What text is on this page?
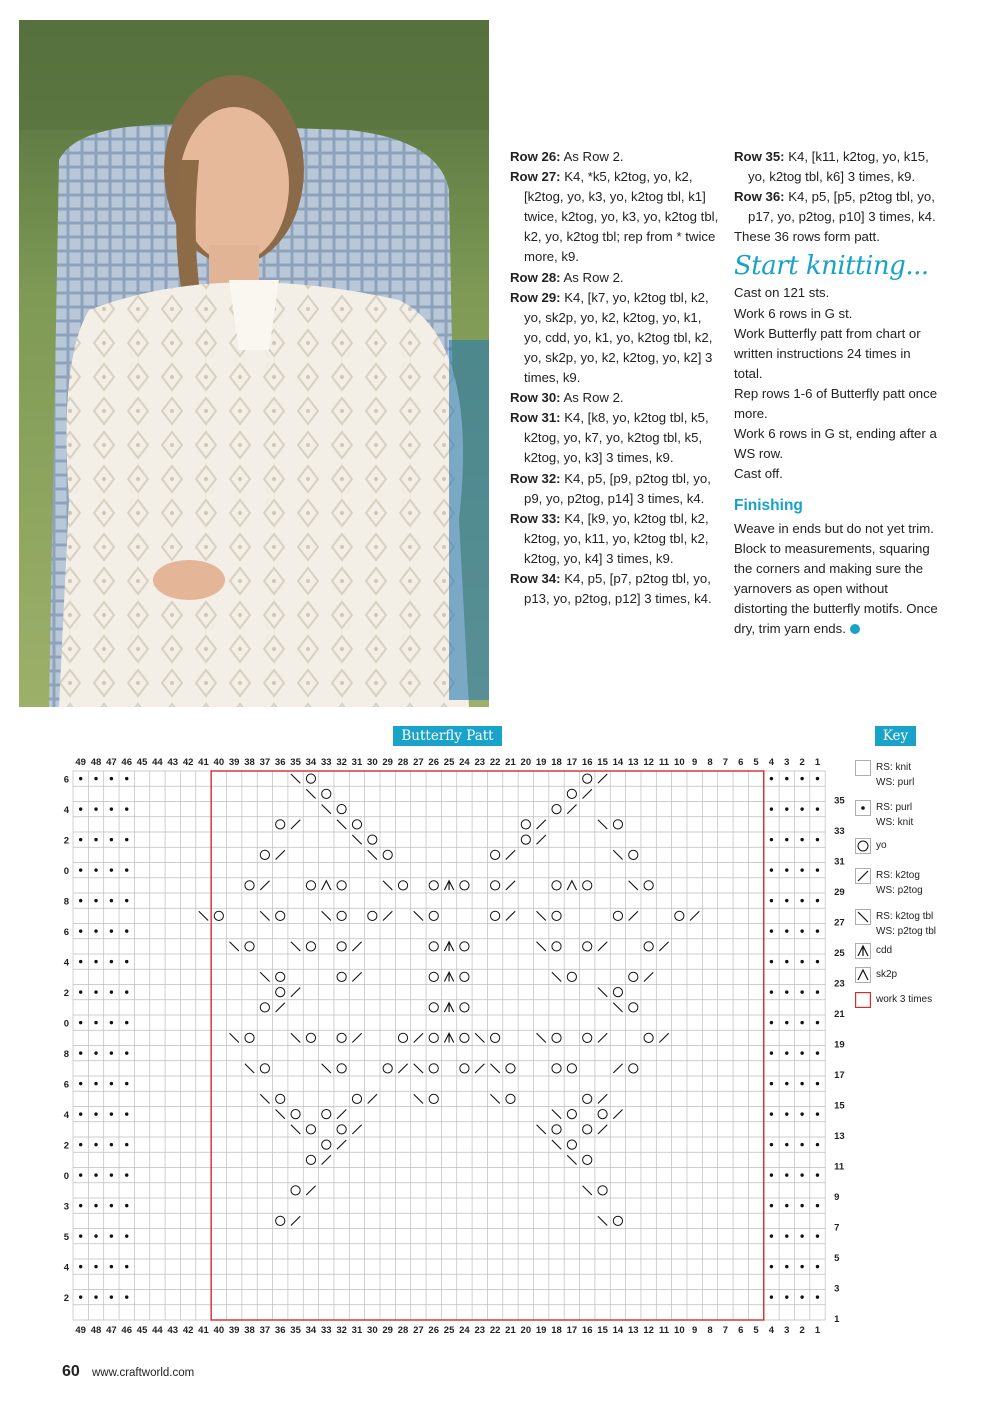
Row 26: As Row 2.

Row 27: K4, *k5, k2tog, yo, k2, [k2tog, yo, k3, yo, k2tog tbl, k1] twice, k2tog, yo, k3, yo, k2tog tbl, k2, yo, k2tog tbl; rep from * twice more, k9.

Row 28: As Row 2.

Row 29: K4, [k7, yo, k2tog tbl, k2, yo, sk2p, yo, k2, k2tog, yo, k1, yo, cdd, yo, k1, yo, k2tog tbl, k2, yo, sk2p, yo, k2, k2tog, yo, k2] 3 times, k9.

Row 30: As Row 2.

Row 31: K4, [k8, yo, k2tog tbl, k5, k2tog, yo, k7, yo, k2tog tbl, k5, k2tog, yo, k3] 3 times, k9.

Row 32: K4, p5, [p9, p2tog tbl, yo, p9, yo, p2tog, p14] 3 times, k4.

Row 33: K4, [k9, yo, k2tog tbl, k2, k2tog, yo, k11, yo, k2tog tbl, k2, k2tog, yo, k4] 3 times, k9.

Row 34: K4, p5, [p7, p2tog tbl, yo, p13, yo, p2tog, p12] 3 times, k4.

Row 35: K4, [k11, k2tog, yo, k15, yo, k2tog tbl, k6] 3 times, k9.

Row 36: K4, p5, [p5, p2tog tbl, yo, p17, yo, p2tog, p10] 3 times, k4.

These 36 rows form patt.

Start knitting...

Cast on 121 sts.

Work 6 rows in G st.

Work Butterfly patt from chart or written instructions 24 times in total.

Rep rows 1-6 of Butterfly patt once more.

Work 6 rows in G st, ending after a WS row.

Cast off.

Finishing

Weave in ends but do not yet trim. Block to measurements, squaring the corners and making sure the yarnovers as open without distorting the butterfly motifs. Once dry, trim yarn ends.

Butterfly Patt	Key
RS: knit
WS: purl
RS: purl
WS: knit
yo
RS: k2tog
WS: p2tog
RS: k2tog tbl
WS: p2tog tbl
cdd
sk2p
work 3 times
49
49
48
48
47
47
46
46
45
45
44
44
43
43
42
42
41
41
40
40
39
39
38
38
37
37
36
36
35
35
34
34
33
33
32
32
31
31
30
30
29
29
28
28
27
27
26
26
25
25
24
24
23
23
22
22
21
21
20
20
19
19
18
18
17
17
16
16
15
15
14
14
13
13
12
12
11
11
10
10
9
9
8
8
7
7
6
6
5
5
4
4
3
3
2
2
1
1
1
3
5
7
9
11
13
15
17
19
21
23
25
27
29
31
33
35
6
4
2
0
8
6
4
2
0
8
6
4
2
0
3
5
4
2
60 www.craftworld.com
